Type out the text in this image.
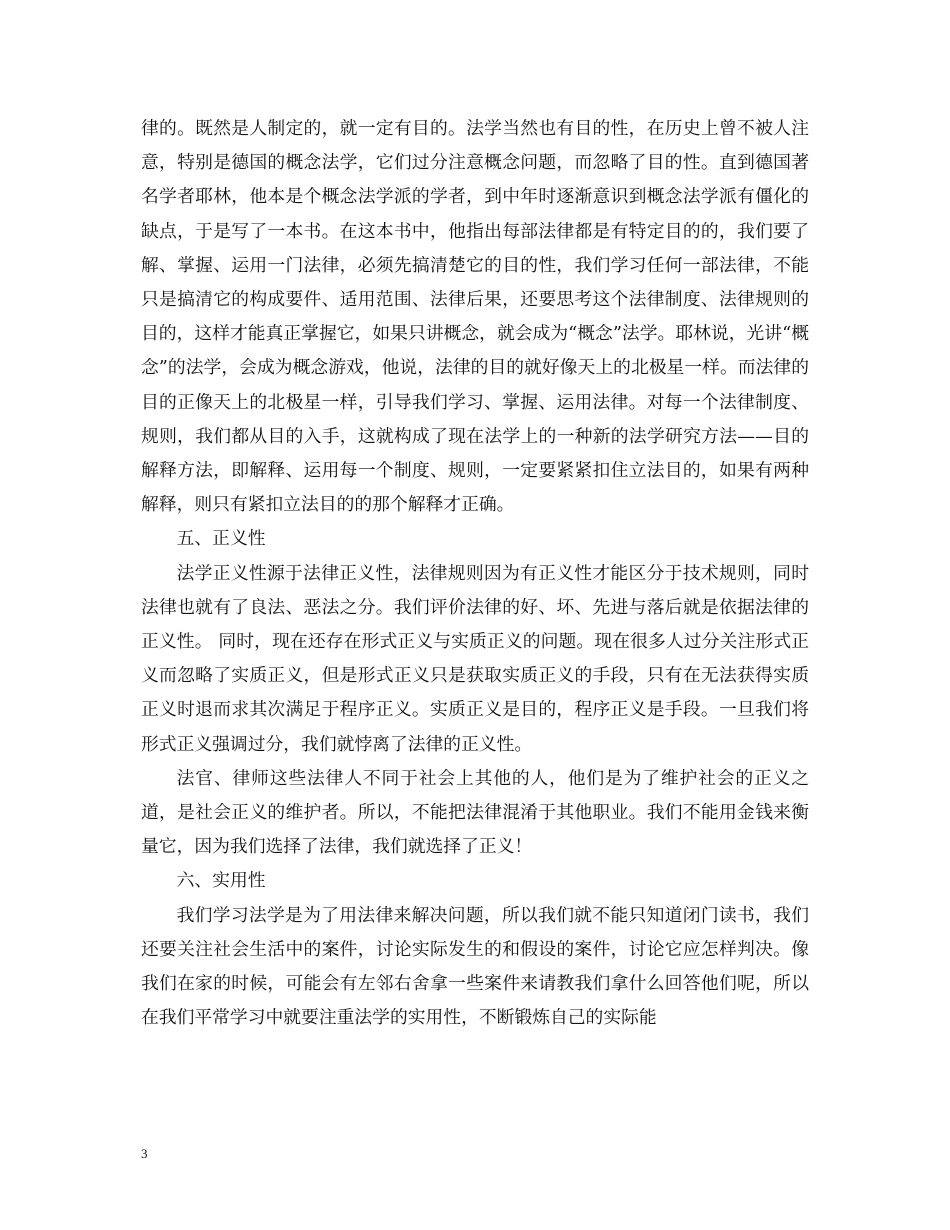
律的。既然是人制定的，就一定有目的。法学当然也有目的性，在历史上曾不被人注意，特别是德国的概念法学，它们过分注意概念问题，而忽略了目的性。直到德国著名学者耶林，他本是个概念法学派的学者，到中年时逐渐意识到概念法学派有僵化的缺点，于是写了一本书。在这本书中，他指出每部法律都是有特定目的的，我们要了解、掌握、运用一门法律，必须先搞清楚它的目的性，我们学习任何一部法律，不能只是搞清它的构成要件、适用范围、法律后果，还要思考这个法律制度、法律规则的目的，这样才能真正掌握它，如果只讲概念，就会成为“概念”法学。耶林说，光讲“概念”的法学，会成为概念游戏，他说，法律的目的就好像天上的北极星一样。而法律的目的正像天上的北极星一样，引导我们学习、掌握、运用法律。对每一个法律制度、规则，我们都从目的入手，这就构成了现在法学上的一种新的法学研究方法——目的解释方法，即解释、运用每一个制度、规则，一定要紧紧扣住立法目的，如果有两种解释，则只有紧扣立法目的的那个解释才正确。

五、正义性

法学正义性源于法律正义性，法律规则因为有正义性才能区分于技术规则，同时法律也就有了良法、恶法之分。我们评价法律的好、坏、先进与落后就是依据法律的正义性。 同时，现在还存在形式正义与实质正义的问题。现在很多人过分关注形式正义而忽略了实质正义，但是形式正义只是获取实质正义的手段，只有在无法获得实质正义时退而求其次满足于程序正义。实质正义是目的，程序正义是手段。一旦我们将形式正义强调过分，我们就悖离了法律的正义性。

法官、律师这些法律人不同于社会上其他的人，他们是为了维护社会的正义之道，是社会正义的维护者。所以，不能把法律混淆于其他职业。我们不能用金钱来衡量它，因为我们选择了法律，我们就选择了正义！

六、实用性

我们学习法学是为了用法律来解决问题，所以我们就不能只知道闭门读书，我们还要关注社会生活中的案件，讨论实际发生的和假设的案件，讨论它应怎样判决。像我们在家的时候，可能会有左邻右舍拿一些案件来请教我们拿什么回答他们呢，所以在我们平常学习中就要注重法学的实用性，不断锻炼自己的实际能

3
